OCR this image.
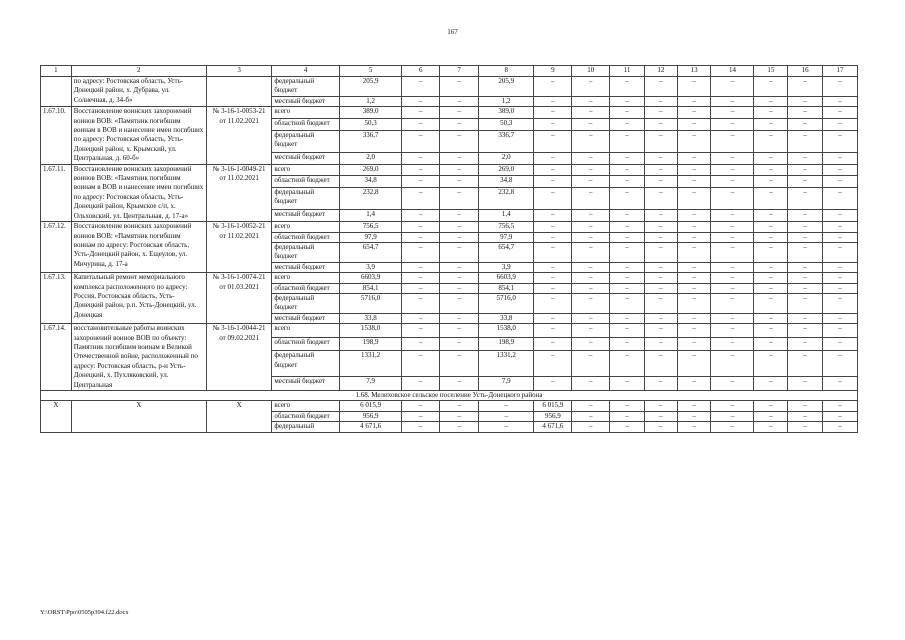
167
1	2	3	4	5	6	7	8	9	10	11	12	13	14	15	16	17
	по адресу: Ростовская область, Усть-Донецкий район, х. Дубрава, ул. Солнечная, д. 34-б»		федеральный бюджет	205,9	–	–	205,9	–	–	–	–	–	–	–	–	–
			местный бюджет	1,2	–	–	1,2	–	–	–	–	–	–	–	–	–
1.67.10.	Восстановление воинских захоронений воинов ВОВ: «Памятник погибшим воинам в ВОВ и нанесение имен погибших по адресу: Ростовская область, Усть-Донецкий район, х. Крымский, ул. Центральная, д. 60-б»	№ 3-16-1-0053-21 от 11.02.2021	всего	389,0	–	–	389,0	–	–	–	–	–	–	–	–	–
			областной бюджет	50,3	–	–	50,3	–	–	–	–	–	–	–	–	–
			федеральный бюджет	336,7	–	–	336,7	–	–	–	–	–	–	–	–	–
			местный бюджет	2,0	–	–	2,0	–	–	–	–	–	–	–	–	–
1.67.11.	Восстановление воинских захоронений воинов ВОВ: «Памятник погибшим воинам в ВОВ и нанесение имен погибших по адресу: Ростовская область, Усть-Донецкий район, Крымское с/п, х. Ольховский, ул. Центральная, д. 17-а»	№ 3-16-1-0049-21 от 11.02.2021	всего	269,0	–	–	269,0	–	–	–	–	–	–	–	–	–
			областной бюджет	34,8	–	–	34,8	–	–	–	–	–	–	–	–	–
			федеральный бюджет	232,8	–	–	232,8	–	–	–	–	–	–	–	–	–
			местный бюджет	1,4	–	–	1,4	–	–	–	–	–	–	–	–	–
1.67.12.	Восстановление воинских захоронений воинов ВОВ: «Памятник погибшим воинам по адресу: Ростовская область, Усть-Донецкий район, х. Ещеулов, ул. Мичурина, д. 17-а	№ 3-16-1-0052-21 от 11.02.2021	всего	756,5	–	–	756,5	–	–	–	–	–	–	–	–	–
			областной бюджет	97,9	–	–	97,9	–	–	–	–	–	–	–	–	–
			федеральный бюджет	654,7	–	–	654,7	–	–	–	–	–	–	–	–	–
			местный бюджет	3,9	–	–	3,9	–	–	–	–	–	–	–	–	–
1.67.13.	Капитальный ремонт мемориального комплекса расположенного по адресу: Россия, Ростовская область, Усть-Донецкий район, р.п. Усть-Донецкий, ул. Донецкая	№ 3-16-1-0074-21 от 01.03.2021	всего	6603,9	–	–	6603,9	–	–	–	–	–	–	–	–	–
			областной бюджет	854,1	–	–	854,1	–	–	–	–	–	–	–	–	–
			федеральный бюджет	5716,0	–	–	5716,0	–	–	–	–	–	–	–	–	–
			местный бюджет	33,8	–	–	33,8	–	–	–	–	–	–	–	–	–
1.67.14.	восстановительные работы воинских захоронений воинов ВОВ по объекту: Памятник погибшим воинам в Великой Отечественной войне, расположенный по адресу: Ростовская область, р-н Усть-Донецкий, х. Пухляковский, ул. Центральная	№ 3-16-1-0044-21 от 09.02.2021	всего	1538,0	–	–	1538,0	–	–	–	–	–	–	–	–	–
			областной бюджет	198,9	–	–	198,9	–	–	–	–	–	–	–	–	–
			федеральный бюджет	1331,2	–	–	1331,2	–	–	–	–	–	–	–	–	–
			местный бюджет	7,9	–	–	7,9	–	–	–	–	–	–	–	–	–
1.68. Мелиховское сельское поселение Усть-Донецкого района																
Х	Х	Х	всего	6 015,9	–	–	–	6 015,9	–	–	–	–	–	–	–	–
			областной бюджет	956,9	–	–	–	956,9	–	–	–	–	–	–	–	–
			федеральный	4 671,6	–	–	–	4 671,6	–	–	–	–	–	–	–	–
Y:\ORST\Ppo\0505p394.f22.docx
